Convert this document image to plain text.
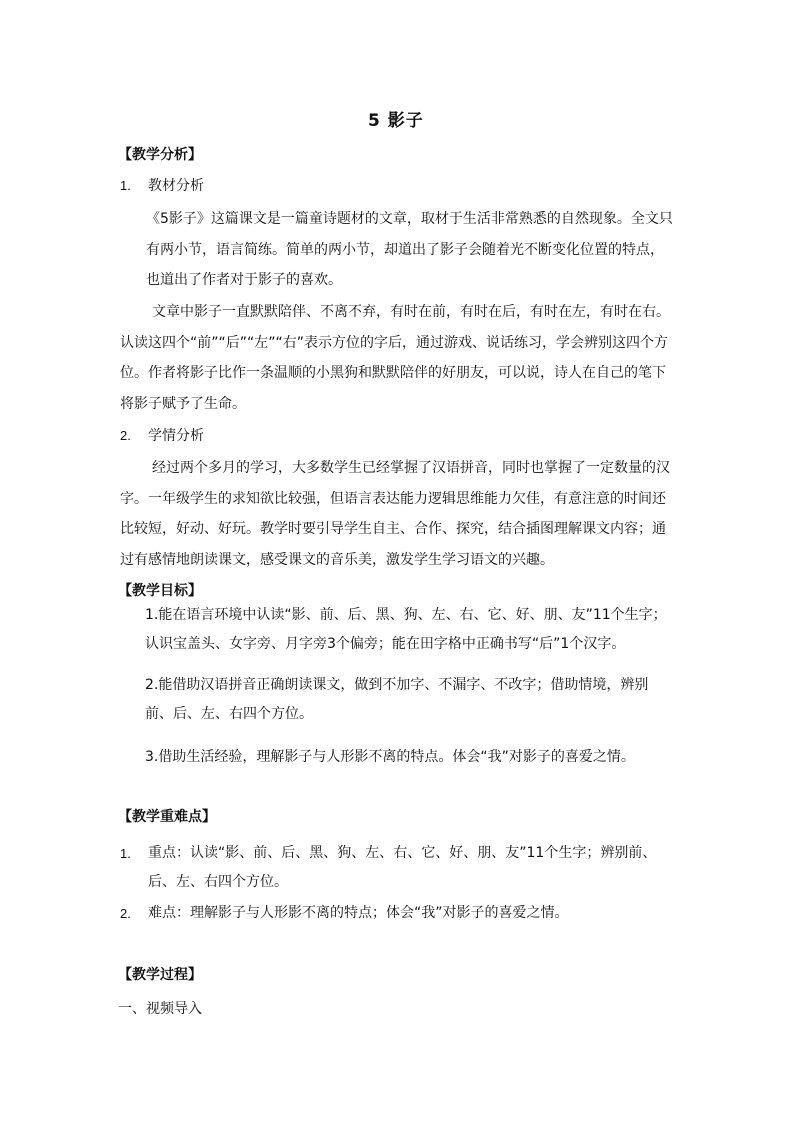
5 影子
【教学分析】
1. 教材分析

《5影子》这篇课文是一篇童诗题材的文章，取材于生活非常熟悉的自然现象。全文只有两小节，语言简练。简单的两小节，却道出了影子会随着光不断变化位置的特点，也道出了作者对于影子的喜欢。

文章中影子一直默默陪伴、不离不弃，有时在前，有时在后，有时在左，有时在右。认读这四个“前”“后”“左”“右”表示方位的字后，通过游戏、说话练习，学会辨别这四个方位。作者将影子比作一条温顺的小黑狗和默默陪伴的好朋友，可以说，诗人在自己的笔下将影子赋予了生命。

2. 学情分析

经过两个多月的学习，大多数学生已经掌握了汉语拼音，同时也掌握了一定数量的汉字。一年级学生的求知欲比较强，但语言表达能力逻辑思维能力欠佳，有意注意的时间还比较短，好动、好玩。教学时要引导学生自主、合作、探究，结合插图理解课文内容；通过有感情地朗读课文，感受课文的音乐美，激发学生学习语文的兴趣。

【教学目标】

1.能在语言环境中认读“影、前、后、黑、狗、左、右、它、好、朋、友”11个生字；认识宝盖头、女字旁、月字旁3个偏旁；能在田字格中正确书写“后”1个汉字。

2.能借助汉语拼音正确朗读课文，做到不加字、不漏字、不改字；借助情境，辨别前、后、左、右四个方位。

3.借助生活经验，理解影子与人形影不离的特点。体会“我”对影子的喜爱之情。

【教学重难点】
1.	重点：认读“影、前、后、黑、狗、左、右、它、好、朋、友”11个生字；辨别前、后、左、右四个方位。
2.	难点：理解影子与人形影不离的特点；体会“我”对影子的喜爱之情。
【教学过程】
一、视频导入
